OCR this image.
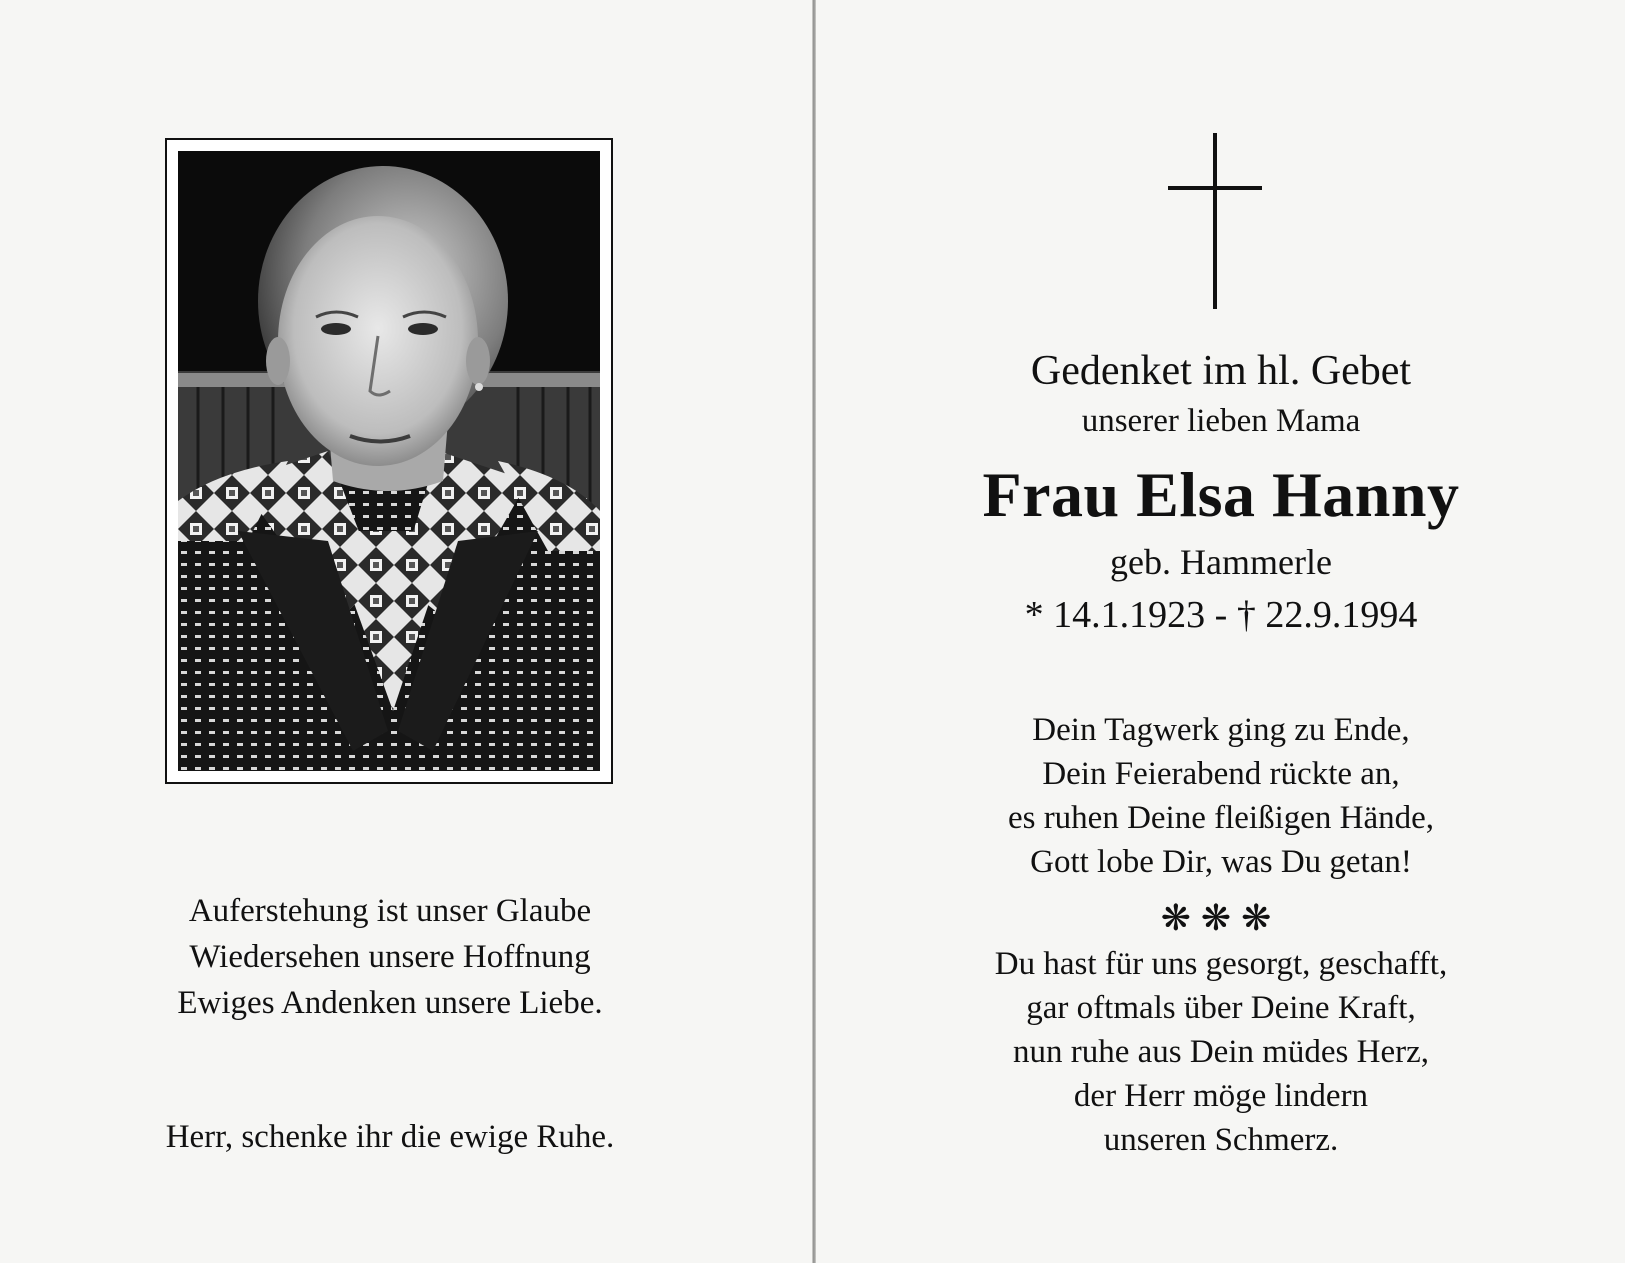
Auferstehung ist unser Glaube
Wiedersehen unsere Hoffnung
Ewiges Andenken unsere Liebe.
Herr, schenke ihr die ewige Ruhe.
Gedenket im hl. Gebet
unserer lieben Mama
Frau Elsa Hanny
geb. Hammerle
* 14.1.1923 - † 22.9.1994
Dein Tagwerk ging zu Ende,
Dein Feierabend rückte an,
es ruhen Deine fleißigen Hände,
Gott lobe Dir, was Du getan!
❋❋❋
Du hast für uns gesorgt, geschafft,
gar oftmals über Deine Kraft,
nun ruhe aus Dein müdes Herz,
der Herr möge lindern
unseren Schmerz.
